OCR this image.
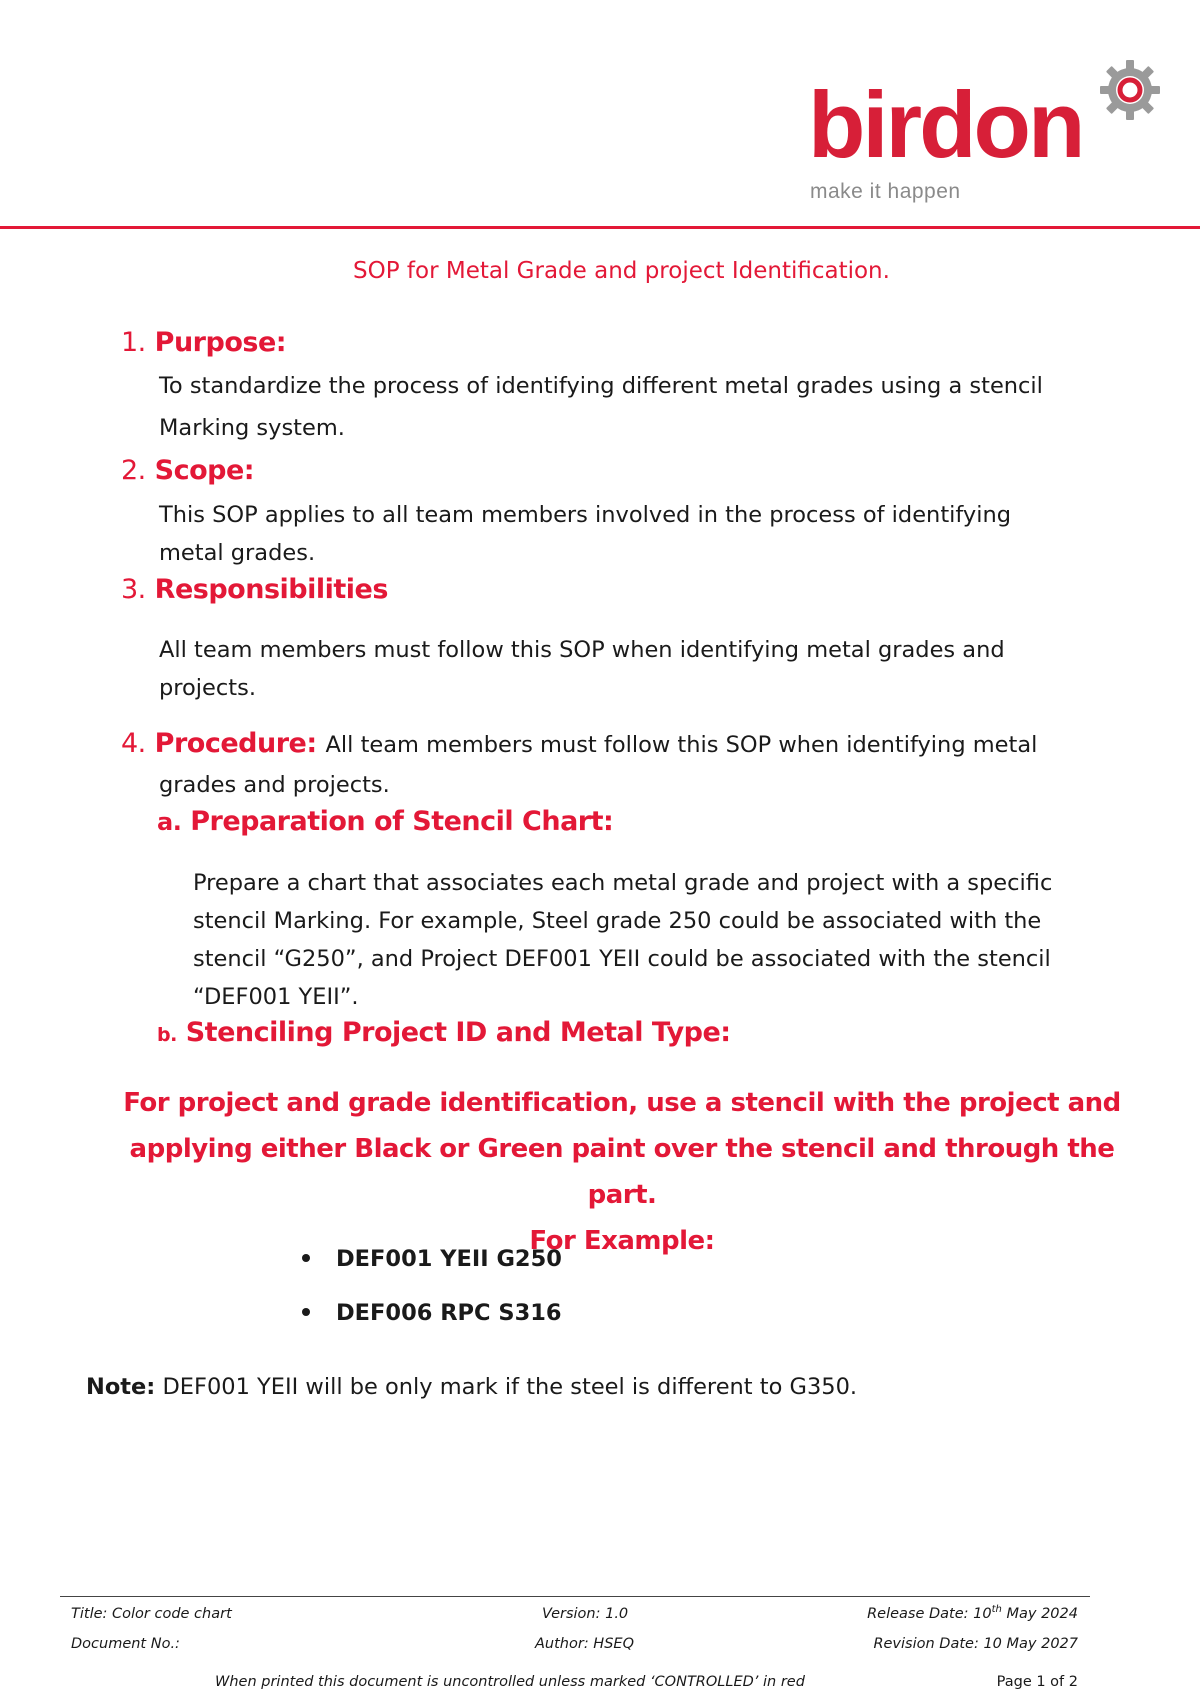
birdon
make it happen
SOP for Metal Grade and project Identification.
1. Purpose:
To standardize the process of identifying different metal grades using a stencil
Marking system.
2. Scope:
This SOP applies to all team members involved in the process of identifying
metal grades.
3. Responsibilities
All team members must follow this SOP when identifying metal grades and
projects.
4. Procedure: All team members must follow this SOP when identifying metal
grades and projects.
a. Preparation of Stencil Chart:
Prepare a chart that associates each metal grade and project with a specific
stencil Marking. For example, Steel grade 250 could be associated with the
stencil “G250”, and Project DEF001 YEII could be associated with the stencil
“DEF001 YEII”.
b. Stenciling Project ID and Metal Type:
For project and grade identification, use a stencil with the project and
applying either Black or Green paint over the stencil and through the part.
For Example:
DEF001 YEII G250
DEF006 RPC S316
Note: DEF001 YEII will be only mark if the steel is different to G350.
Title: Color code chart	Version: 1.0	Release Date: 10th May 2024
Document No.:	Author: HSEQ	Revision Date: 10 May 2027
When printed this document is uncontrolled unless marked ‘CONTROLLED’ in red	Page 1 of 2
